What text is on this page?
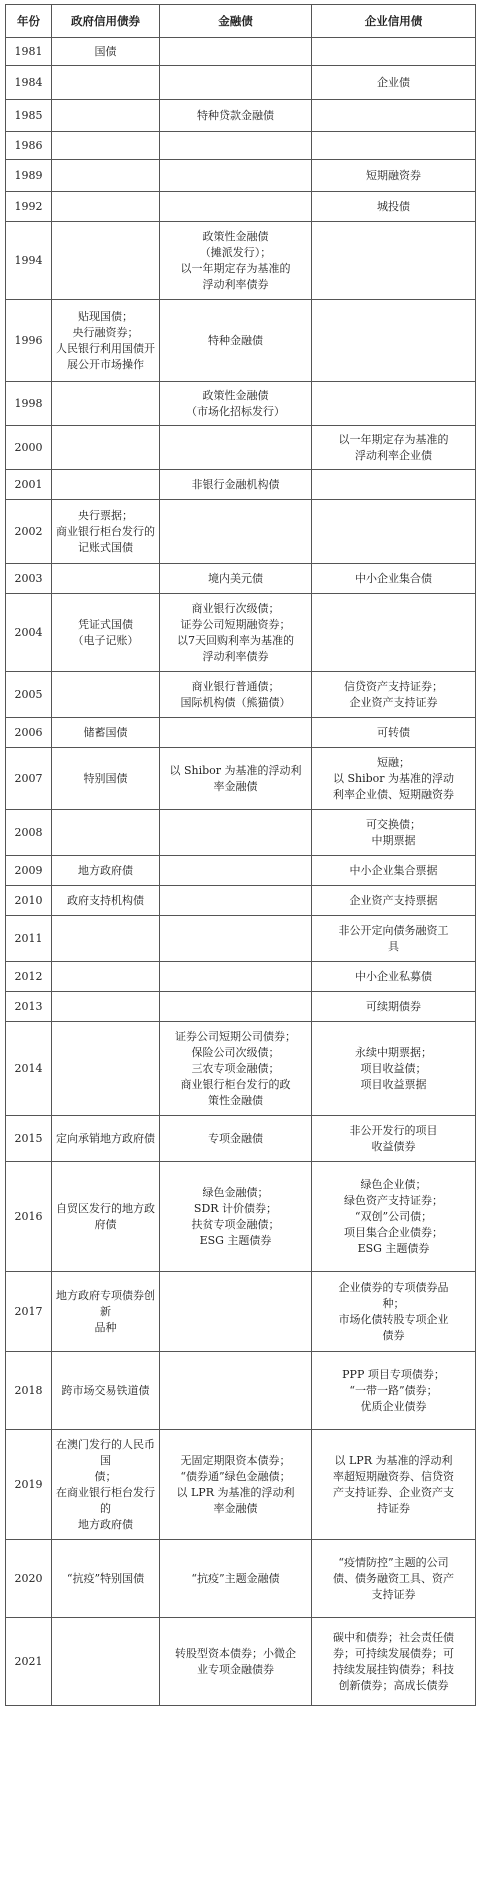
年份	政府信用债券	金融债	企业信用债
1981	国债		

1984			企业债

1985		特种贷款金融债	

1986			
1989			短期融资券

1992			城投债

1994		政策性金融债
（摊派发行）；
以一年期定存为基准的
浮动利率债券	

1996	贴现国债；
央行融资券；
人民银行利用国债开
展公开市场操作	特种金融债	

1998		政策性金融债
（市场化招标发行）	

2000			以一年期定存为基准的
浮动利率企业债

2001		非银行金融机构债	

2002	央行票据；
商业银行柜台发行的
记账式国债		

2003		境内美元债	中小企业集合债

2004	凭证式国债
（电子记账）	商业银行次级债；
证券公司短期融资券；
以7天回购利率为基准的
浮动利率债券	

2005		商业银行普通债；
国际机构债（熊猫债）	信贷资产支持证券；
企业资产支持证券

2006	储蓄国债		可转债

2007	特别国债	以 Shibor 为基准的浮动利
率金融债	短融；
以 Shibor 为基准的浮动
利率企业债、短期融资券

2008			可交换债；
中期票据

2009	地方政府债		中小企业集合票据

2010	政府支持机构债		企业资产支持票据

2011			非公开定向债务融资工
具

2012			中小企业私募债

2013			可续期债券

2014		证券公司短期公司债券；
保险公司次级债；
三农专项金融债；
商业银行柜台发行的政
策性金融债	永续中期票据；
项目收益债；
项目收益票据

2015	定向承销地方政府债	专项金融债	非公开发行的项目
收益债券

2016	自贸区发行的地方政
府债	绿色金融债；
SDR 计价债券；
扶贫专项金融债；
ESG 主题债券	绿色企业债；
绿色资产支持证券；
“双创”公司债；
项目集合企业债券；
ESG 主题债券

2017	地方政府专项债券创新
品种		企业债券的专项债券品
种；
市场化债转股专项企业
债券

2018	跨市场交易铁道债		PPP 项目专项债券；
“一带一路”债券；
优质企业债券

2019	在澳门发行的人民币国
债；
在商业银行柜台发行的
地方政府债	无固定期限资本债券；
“债券通”绿色金融债；
以 LPR 为基准的浮动利
率金融债	以 LPR 为基准的浮动利
率超短期融资券、信贷资
产支持证券、企业资产支
持证券

2020	“抗疫”特别国债	“抗疫”主题金融债	“疫情防控”主题的公司
债、债务融资工具、资产
支持证券

2021		转股型资本债券；小微企
业专项金融债券	碳中和债券；社会责任债
券；可持续发展债券；可
持续发展挂钩债券；科技
创新债券；高成长债券
